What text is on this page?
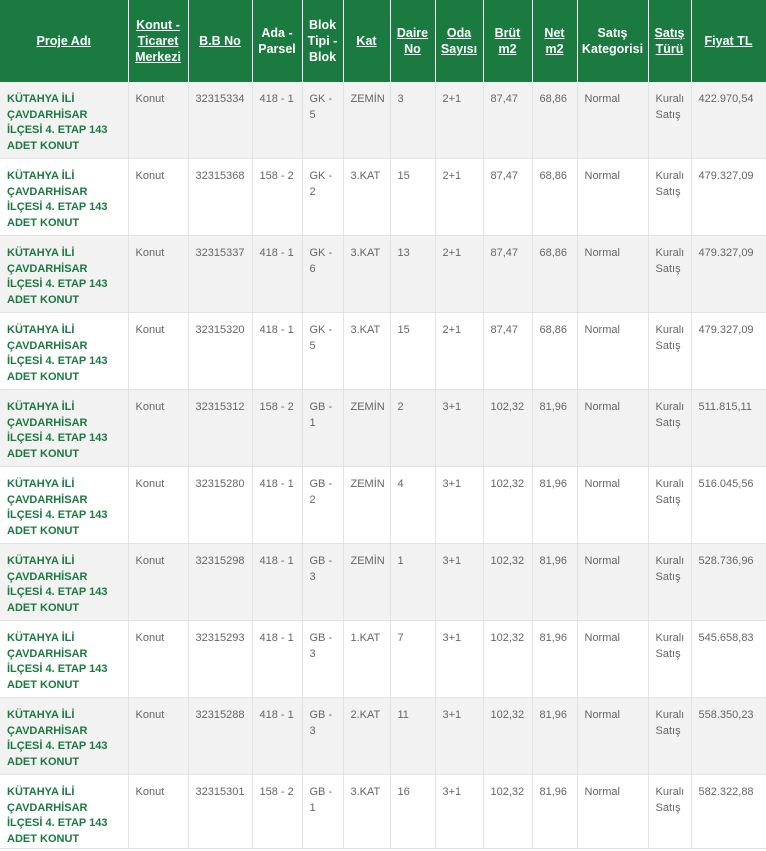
Proje Adı	Konut - Ticaret Merkezi	B.B No	Ada - Parsel	Blok Tipi - Blok	Kat	Daire No	Oda Sayısı	Brüt m2	Net m2	Satış Kategorisi	Satış Türü	Fiyat TL
KÜTAHYA İLİ ÇAVDARHİSAR İLÇESİ 4. ETAP 143 ADET KONUT	Konut	32315334	418 - 1	GK - 5	ZEMİN	3	2+1	87,47	68,86	Normal	Kuralı Satış	422.970,54
KÜTAHYA İLİ ÇAVDARHİSAR İLÇESİ 4. ETAP 143 ADET KONUT	Konut	32315368	158 - 2	GK - 2	3.KAT	15	2+1	87,47	68,86	Normal	Kuralı Satış	479.327,09
KÜTAHYA İLİ ÇAVDARHİSAR İLÇESİ 4. ETAP 143 ADET KONUT	Konut	32315337	418 - 1	GK - 6	3.KAT	13	2+1	87,47	68,86	Normal	Kuralı Satış	479.327,09
KÜTAHYA İLİ ÇAVDARHİSAR İLÇESİ 4. ETAP 143 ADET KONUT	Konut	32315320	418 - 1	GK - 5	3.KAT	15	2+1	87,47	68,86	Normal	Kuralı Satış	479.327,09
KÜTAHYA İLİ ÇAVDARHİSAR İLÇESİ 4. ETAP 143 ADET KONUT	Konut	32315312	158 - 2	GB - 1	ZEMİN	2	3+1	102,32	81,96	Normal	Kuralı Satış	511.815,11
KÜTAHYA İLİ ÇAVDARHİSAR İLÇESİ 4. ETAP 143 ADET KONUT	Konut	32315280	418 - 1	GB - 2	ZEMİN	4	3+1	102,32	81,96	Normal	Kuralı Satış	516.045,56
KÜTAHYA İLİ ÇAVDARHİSAR İLÇESİ 4. ETAP 143 ADET KONUT	Konut	32315298	418 - 1	GB - 3	ZEMİN	1	3+1	102,32	81,96	Normal	Kuralı Satış	528.736,96
KÜTAHYA İLİ ÇAVDARHİSAR İLÇESİ 4. ETAP 143 ADET KONUT	Konut	32315293	418 - 1	GB - 3	1.KAT	7	3+1	102,32	81,96	Normal	Kuralı Satış	545.658,83
KÜTAHYA İLİ ÇAVDARHİSAR İLÇESİ 4. ETAP 143 ADET KONUT	Konut	32315288	418 - 1	GB - 3	2.KAT	11	3+1	102,32	81,96	Normal	Kuralı Satış	558.350,23
KÜTAHYA İLİ ÇAVDARHİSAR İLÇESİ 4. ETAP 143 ADET KONUT	Konut	32315301	158 - 2	GB - 1	3.KAT	16	3+1	102,32	81,96	Normal	Kuralı Satış	582.322,88
